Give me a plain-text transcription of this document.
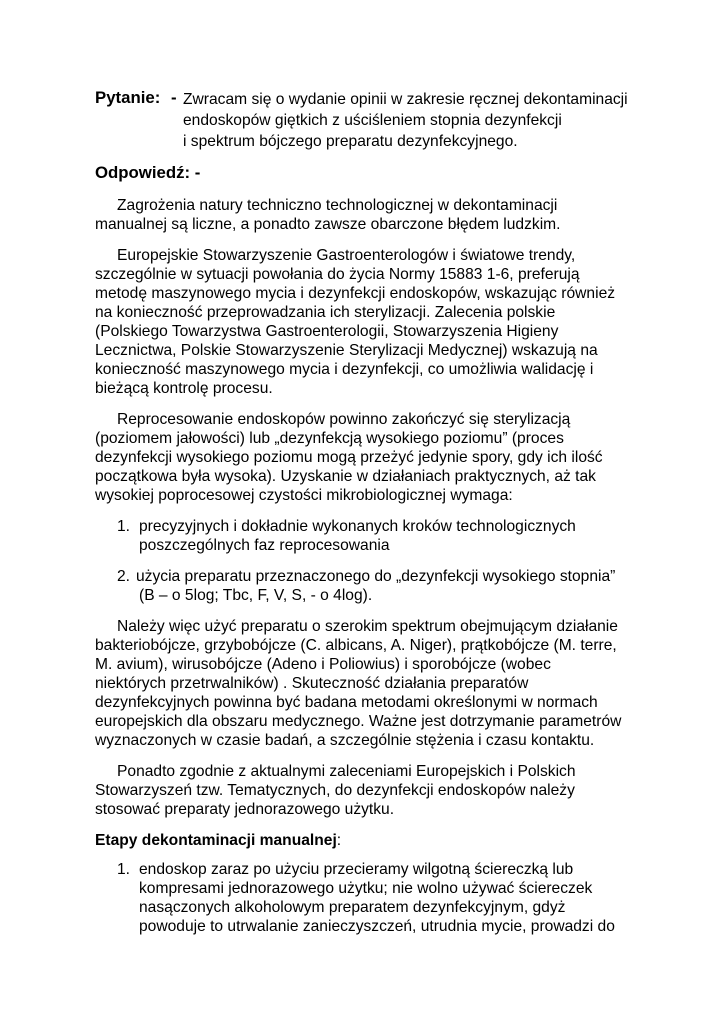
Pytanie: - Zwracam się o wydanie opinii w zakresie ręcznej dekontaminacji
endoskopów giętkich z uściśleniem stopnia dezynfekcji
i spektrum bójczego preparatu dezynfekcyjnego.
Odpowiedź: -
Zagrożenia natury techniczno technologicznej w dekontaminacji
manualnej są liczne, a ponadto zawsze obarczone błędem ludzkim.
Europejskie Stowarzyszenie Gastroenterologów i światowe trendy,
szczególnie w sytuacji powołania do życia Normy 15883 1-6, preferują
metodę maszynowego mycia i dezynfekcji endoskopów, wskazując również
na konieczność przeprowadzania ich sterylizacji. Zalecenia polskie
(Polskiego Towarzystwa Gastroenterologii, Stowarzyszenia Higieny
Lecznictwa, Polskie Stowarzyszenie Sterylizacji Medycznej) wskazują na
konieczność maszynowego mycia i dezynfekcji, co umożliwia walidację i
bieżącą kontrolę procesu.
Reprocesowanie endoskopów powinno zakończyć się sterylizacją
(poziomem jałowości) lub „dezynfekcją wysokiego poziomu” (proces
dezynfekcji wysokiego poziomu mogą przeżyć jedynie spory, gdy ich ilość
początkowa była wysoka). Uzyskanie w działaniach praktycznych, aż tak
wysokiej poprocesowej czystości mikrobiologicznej wymaga:
1. precyzyjnych i dokładnie wykonanych kroków technologicznych
poszczególnych faz reprocesowania
2. użycia preparatu przeznaczonego do „dezynfekcji wysokiego stopnia”
(B – o 5log; Tbc, F, V, S, - o 4log).
Należy więc użyć preparatu o szerokim spektrum obejmującym działanie
bakteriobójcze, grzybobójcze (C. albicans, A. Niger), prątkobójcze (M. terre,
M. avium), wirusobójcze (Adeno i Poliowius) i sporobójcze (wobec
niektórych przetrwalników) . Skuteczność działania preparatów
dezynfekcyjnych powinna być badana metodami określonymi w normach
europejskich dla obszaru medycznego. Ważne jest dotrzymanie parametrów
wyznaczonych w czasie badań, a szczególnie stężenia i czasu kontaktu.
Ponadto zgodnie z aktualnymi zaleceniami Europejskich i Polskich
Stowarzyszeń tzw. Tematycznych, do dezynfekcji endoskopów należy
stosować preparaty jednorazowego użytku.
Etapy dekontaminacji manualnej:
1. endoskop zaraz po użyciu przecieramy wilgotną ściereczką lub
kompresami jednorazowego użytku; nie wolno używać ściereczek
nasączonych alkoholowym preparatem dezynfekcyjnym, gdyż
powoduje to utrwalanie zanieczyszczeń, utrudnia mycie, prowadzi do
